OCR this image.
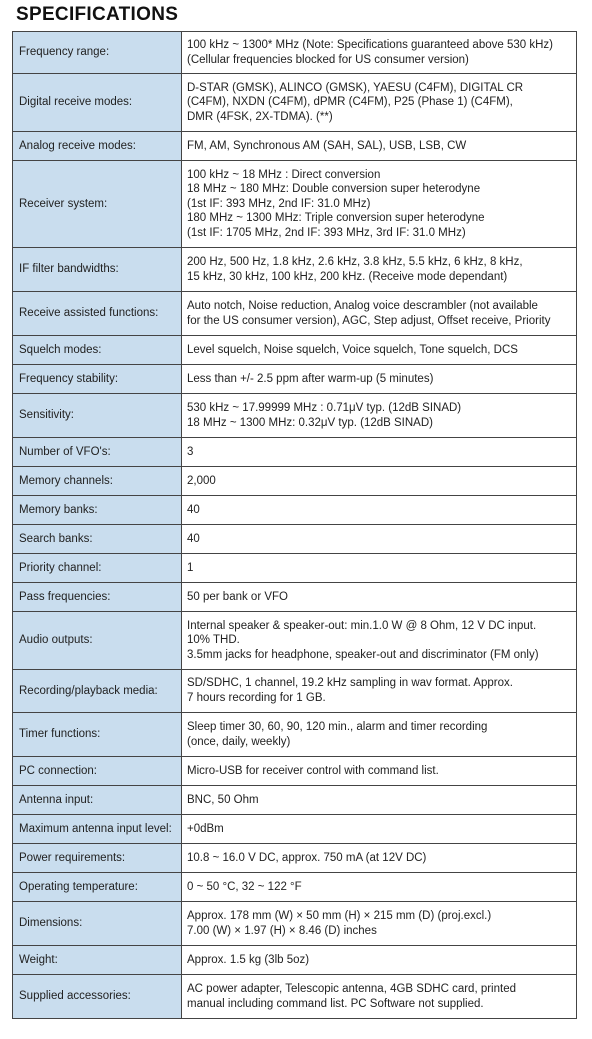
SPECIFICATIONS
Frequency range:	100 kHz ~ 1300* MHz (Note: Specifications guaranteed above 530 kHz)
(Cellular frequencies blocked for US consumer version)

Digital receive modes:	D-STAR (GMSK), ALINCO (GMSK), YAESU (C4FM), DIGITAL CR
(C4FM), NXDN (C4FM), dPMR (C4FM), P25 (Phase 1) (C4FM),
DMR (4FSK, 2X-TDMA). (**)

Analog receive modes:	FM, AM, Synchronous AM (SAH, SAL), USB, LSB, CW

Receiver system:	100 kHz ~ 18 MHz : Direct conversion
18 MHz ~ 180 MHz: Double conversion super heterodyne
(1st IF: 393 MHz, 2nd IF: 31.0 MHz)
180 MHz ~ 1300 MHz: Triple conversion super heterodyne
(1st IF: 1705 MHz, 2nd IF: 393 MHz, 3rd IF: 31.0 MHz)

IF filter bandwidths:	200 Hz, 500 Hz, 1.8 kHz, 2.6 kHz, 3.8 kHz, 5.5 kHz, 6 kHz, 8 kHz,
15 kHz, 30 kHz, 100 kHz, 200 kHz. (Receive mode dependant)

Receive assisted functions:	Auto notch, Noise reduction, Analog voice descrambler (not available
for the US consumer version), AGC, Step adjust, Offset receive, Priority

Squelch modes:	Level squelch, Noise squelch, Voice squelch, Tone squelch, DCS

Frequency stability:	Less than +/- 2.5 ppm after warm-up (5 minutes)

Sensitivity:	530 kHz ~ 17.99999 MHz : 0.71μV typ. (12dB SINAD)
18 MHz ~ 1300 MHz: 0.32μV typ. (12dB SINAD)

Number of VFO's:	3

Memory channels:	2,000

Memory banks:	40

Search banks:	40

Priority channel:	1

Pass frequencies:	50 per bank or VFO

Audio outputs:	Internal speaker & speaker-out: min.1.0 W @ 8 Ohm, 12 V DC input.
10% THD.
3.5mm jacks for headphone, speaker-out and discriminator (FM only)

Recording/playback media:	SD/SDHC, 1 channel, 19.2 kHz sampling in wav format. Approx.
7 hours recording for 1 GB.

Timer functions:	Sleep timer 30, 60, 90, 120 min., alarm and timer recording
(once, daily, weekly)

PC connection:	Micro-USB for receiver control with command list.

Antenna input:	BNC, 50 Ohm

Maximum antenna input level:	+0dBm

Power requirements:	10.8 ~ 16.0 V DC, approx. 750 mA (at 12V DC)

Operating temperature:	0 ~ 50 °C, 32 ~ 122 °F

Dimensions:	Approx. 178 mm (W) × 50 mm (H) × 215 mm (D) (proj.excl.)
7.00 (W) × 1.97 (H) × 8.46 (D) inches

Weight:	Approx. 1.5 kg (3lb 5oz)

Supplied accessories:	AC power adapter, Telescopic antenna, 4GB SDHC card, printed
manual including command list. PC Software not supplied.
